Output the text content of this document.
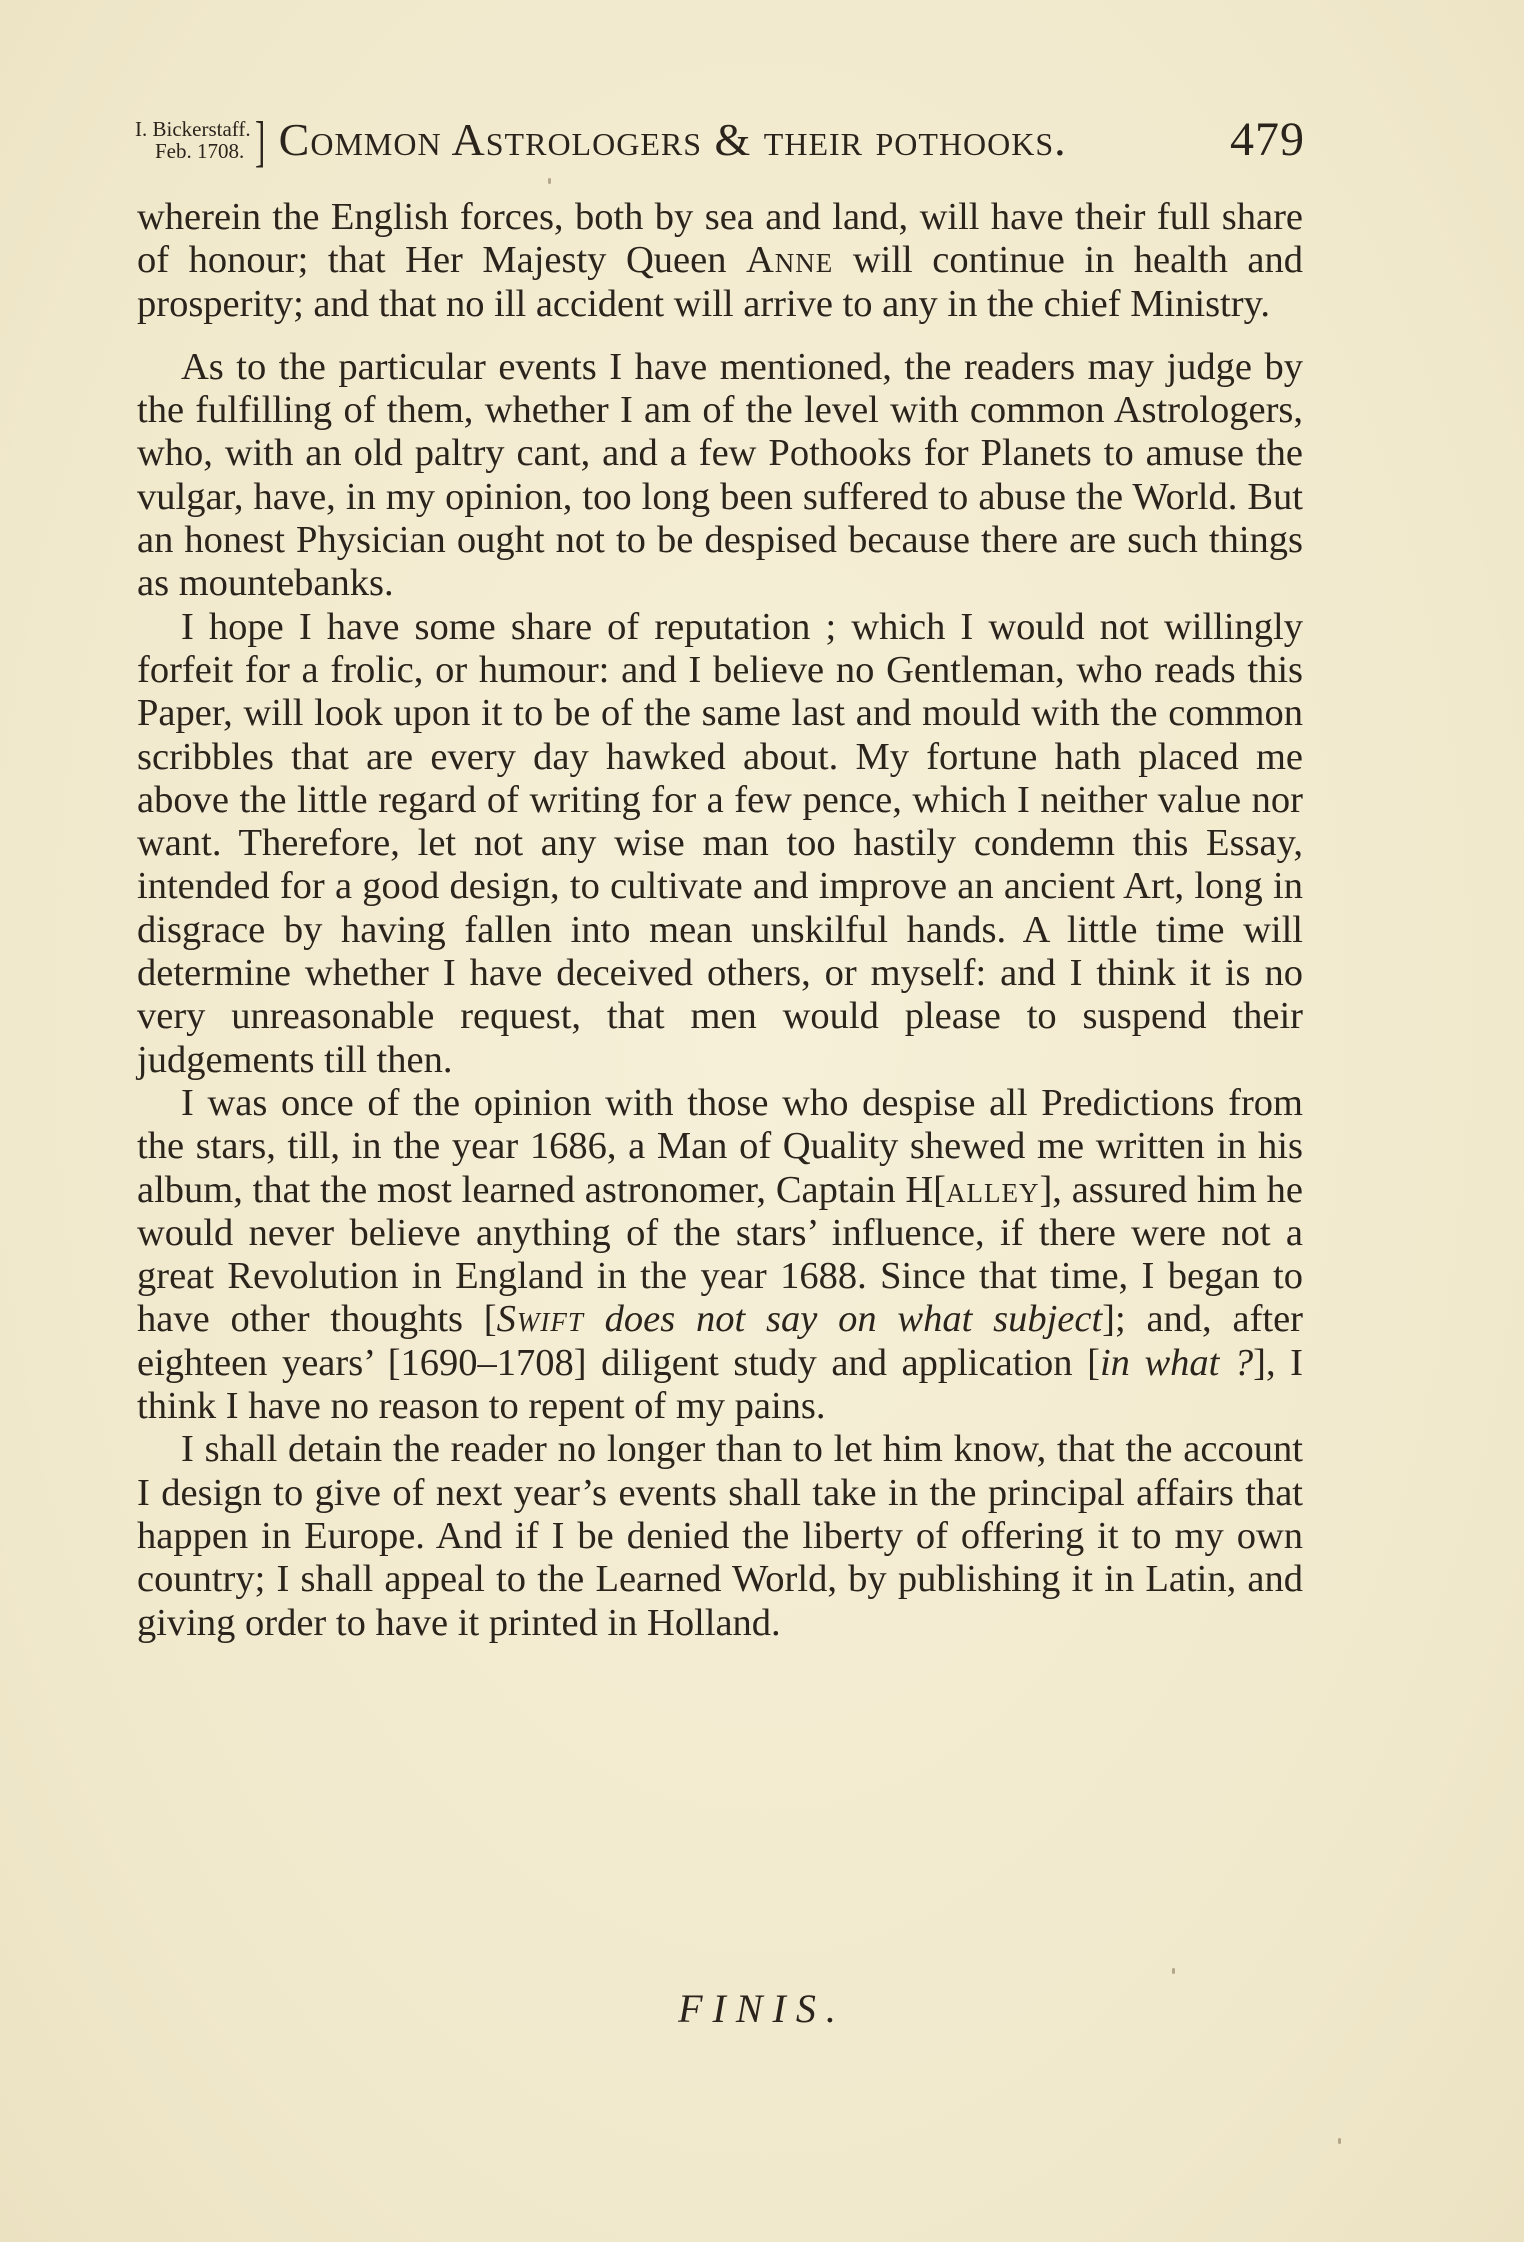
I. Bickerstaff.
Feb. 1708. ] Common Astrologers & their pothooks.	479

wherein the English forces, both by sea and land, will have their full share of honour; that Her Majesty Queen Anne will continue in health and prosperity; and that no ill accident will arrive to any in the chief Ministry.

As to the particular events I have mentioned, the readers may judge by the fulfilling of them, whether I am of the level with common Astrologers, who, with an old paltry cant, and a few Pothooks for Planets to amuse the vulgar, have, in my opinion, too long been suffered to abuse the World. But an honest Physician ought not to be despised because there are such things as mountebanks.

I hope I have some share of reputation ; which I would not willingly forfeit for a frolic, or humour: and I believe no Gentleman, who reads this Paper, will look upon it to be of the same last and mould with the common scribbles that are every day hawked about. My fortune hath placed me above the little regard of writing for a few pence, which I neither value nor want. Therefore, let not any wise man too hastily condemn this Essay, intended for a good design, to cultivate and improve an ancient Art, long in disgrace by having fallen into mean unskilful hands. A little time will determine whether I have deceived others, or myself: and I think it is no very unreasonable request, that men would please to suspend their judgements till then.

I was once of the opinion with those who despise all Predictions from the stars, till, in the year 1686, a Man of Quality shewed me written in his album, that the most learned astronomer, Captain H[alley], assured him he would never believe anything of the stars’ influence, if there were not a great Revolution in England in the year 1688. Since that time, I began to have other thoughts [Swift does not say on what subject]; and, after eighteen years’ [1690–1708] diligent study and application [in what ?], I think I have no reason to repent of my pains.

I shall detain the reader no longer than to let him know, that the account I design to give of next year’s events shall take in the principal affairs that happen in Europe. And if I be denied the liberty of offering it to my own country; I shall appeal to the Learned World, by publishing it in Latin, and giving order to have it printed in Holland.

FINIS.
